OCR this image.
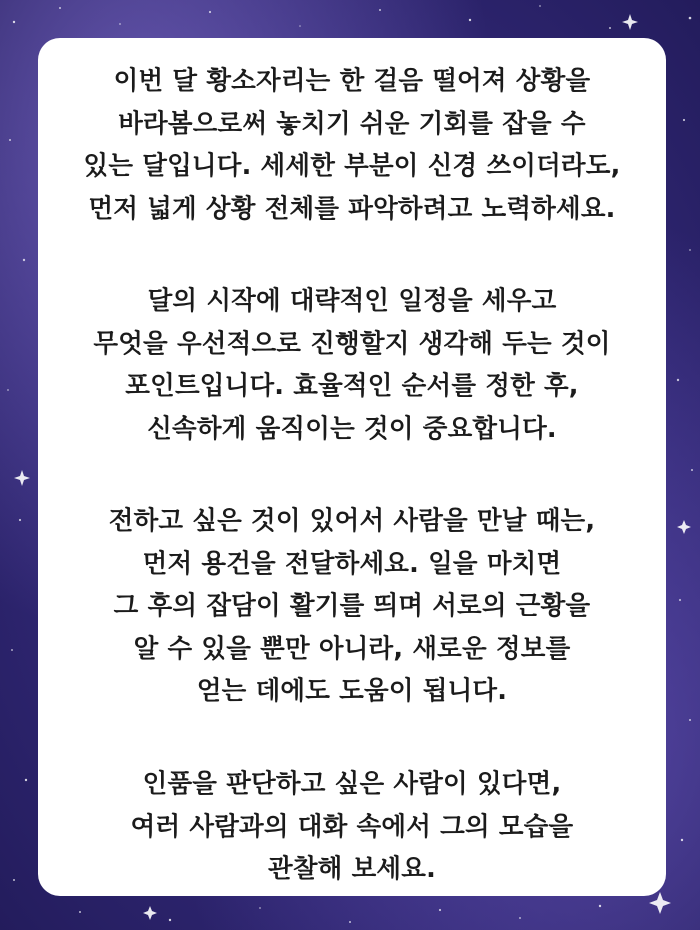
이번 달 황소자리는 한 걸음 떨어져 상황을
바라봄으로써 놓치기 쉬운 기회를 잡을 수
있는 달입니다. 세세한 부분이 신경 쓰이더라도,
먼저 넓게 상황 전체를 파악하려고 노력하세요.
달의 시작에 대략적인 일정을 세우고
무엇을 우선적으로 진행할지 생각해 두는 것이
포인트입니다. 효율적인 순서를 정한 후,
신속하게 움직이는 것이 중요합니다.
전하고 싶은 것이 있어서 사람을 만날 때는,
먼저 용건을 전달하세요. 일을 마치면
그 후의 잡담이 활기를 띄며 서로의 근황을
알 수 있을 뿐만 아니라, 새로운 정보를
얻는 데에도 도움이 됩니다.
인품을 판단하고 싶은 사람이 있다면,
여러 사람과의 대화 속에서 그의 모습을
관찰해 보세요.
